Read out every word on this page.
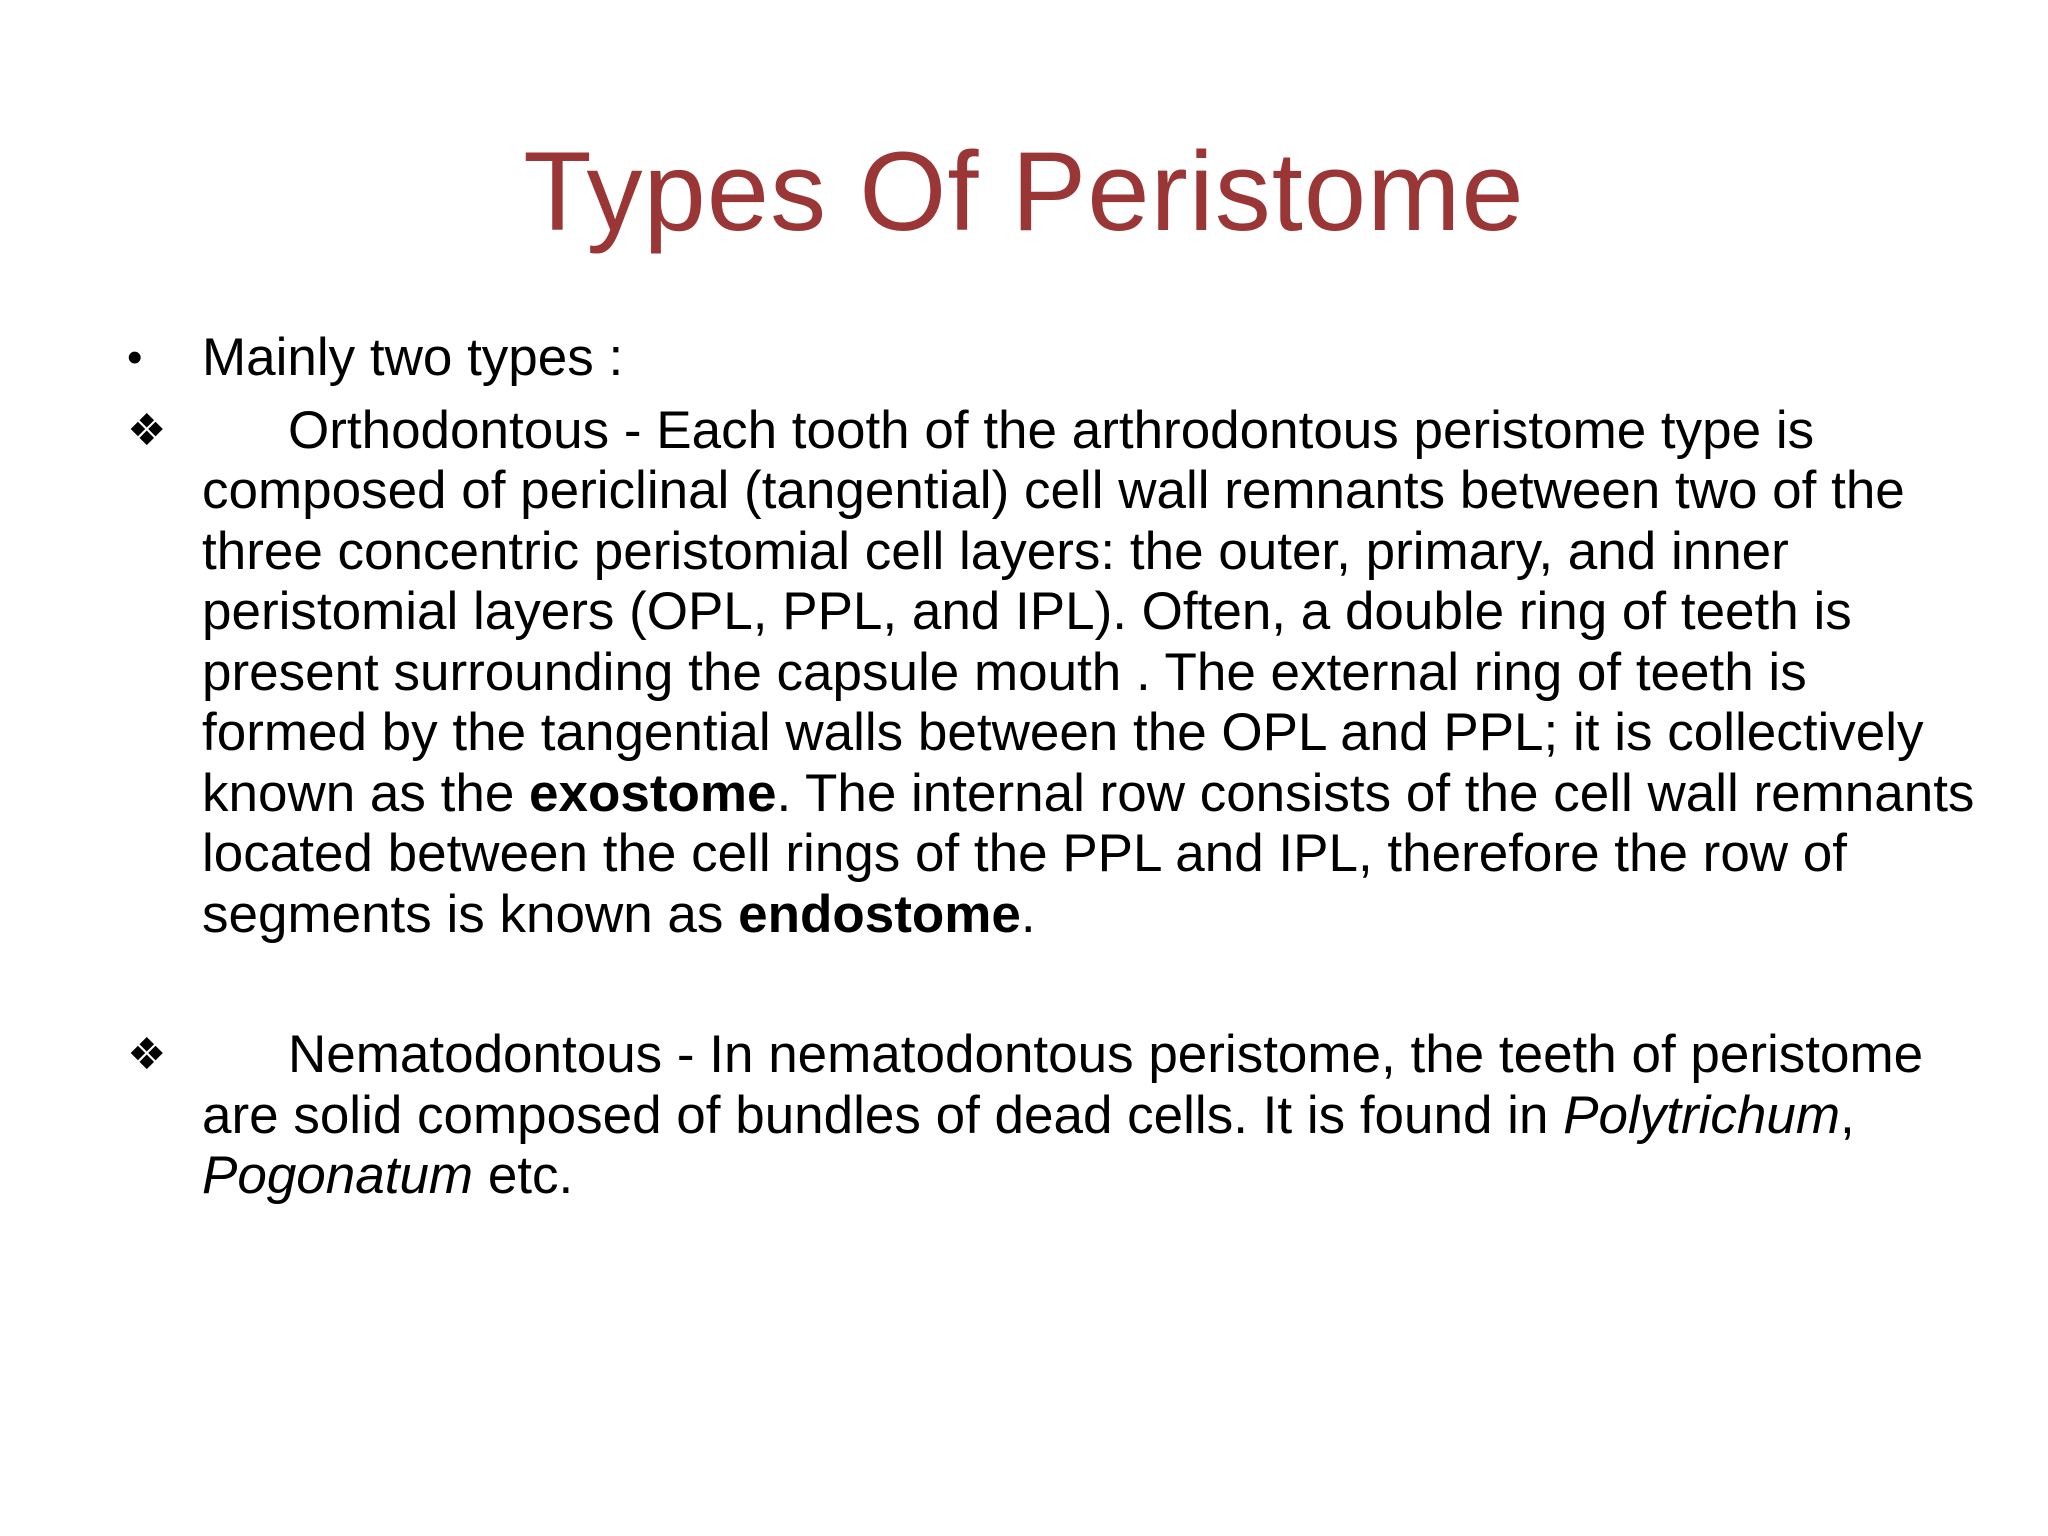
Types Of Peristome
•	Mainly two types :
❖	Orthodontous - Each tooth of the arthrodontous peristome type is composed of periclinal (tangential) cell wall remnants between two of the three concentric peristomial cell layers: the outer, primary, and inner peristomial layers (OPL, PPL, and IPL). Often, a double ring of teeth is present surrounding the capsule mouth . The external ring of teeth is formed by the tangential walls between the OPL and PPL; it is collectively known as the exostome. The internal row consists of the cell wall remnants located between the cell rings of the PPL and IPL, therefore the row of segments is known as endostome.
❖	Nematodontous - In nematodontous peristome, the teeth of peristome are solid composed of bundles of dead cells. It is found in Polytrichum, Pogonatum etc.
